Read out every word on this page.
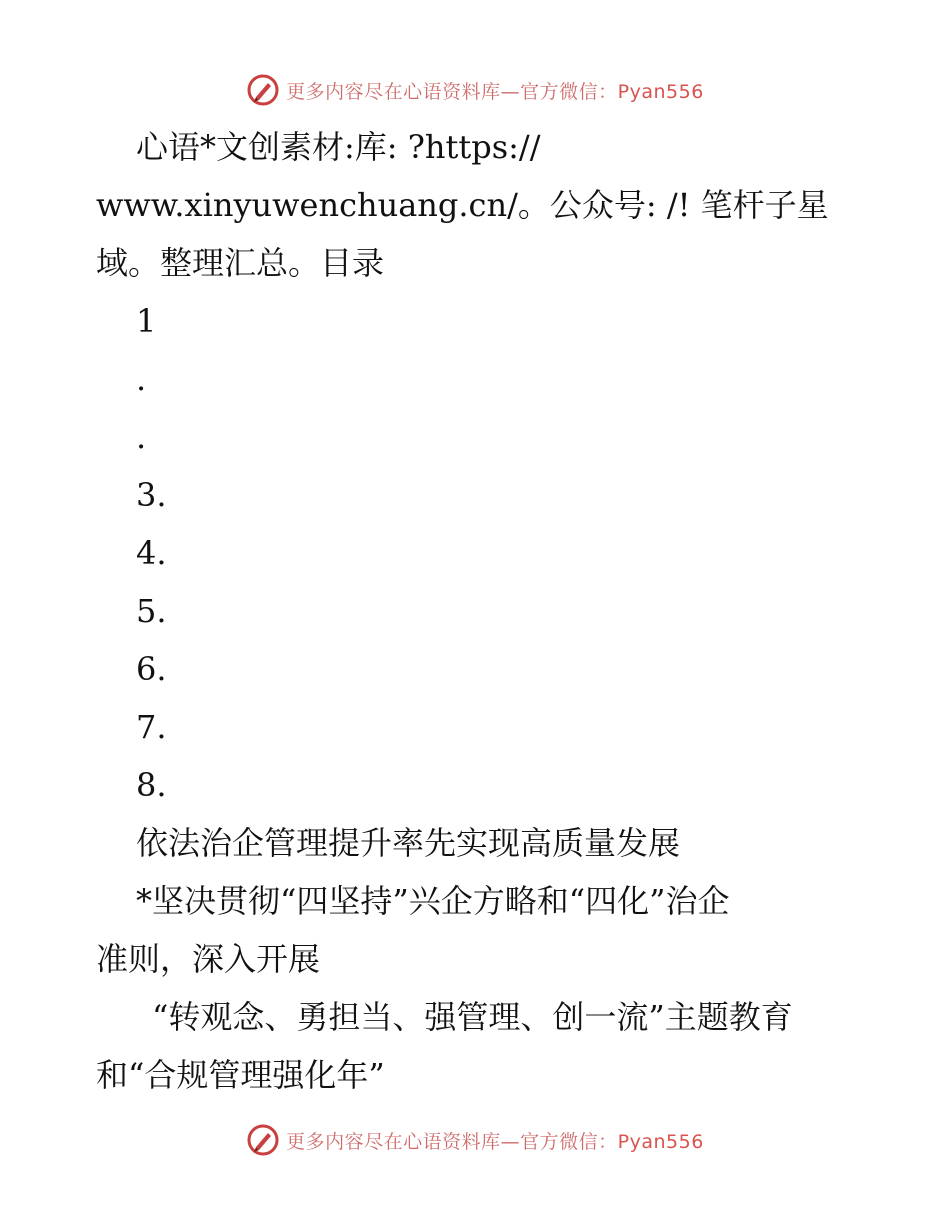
更多内容尽在心语资料库—官方微信：Pyan556

心语*文创素材:库: ?https://

www.xinyuwenchuang.cn/。公众号: /! 笔杆子星

域。整理汇总。目录

1

.

.

3.

4.

5.

6.

7.

8.

依法治企管理提升率先实现高质量发展

*坚决贯彻“四坚持”兴企方略和“四化”治企

准则，深入开展

“转观念、勇担当、强管理、创一流”主题教育

和“合规管理强化年”

更多内容尽在心语资料库—官方微信：Pyan556
